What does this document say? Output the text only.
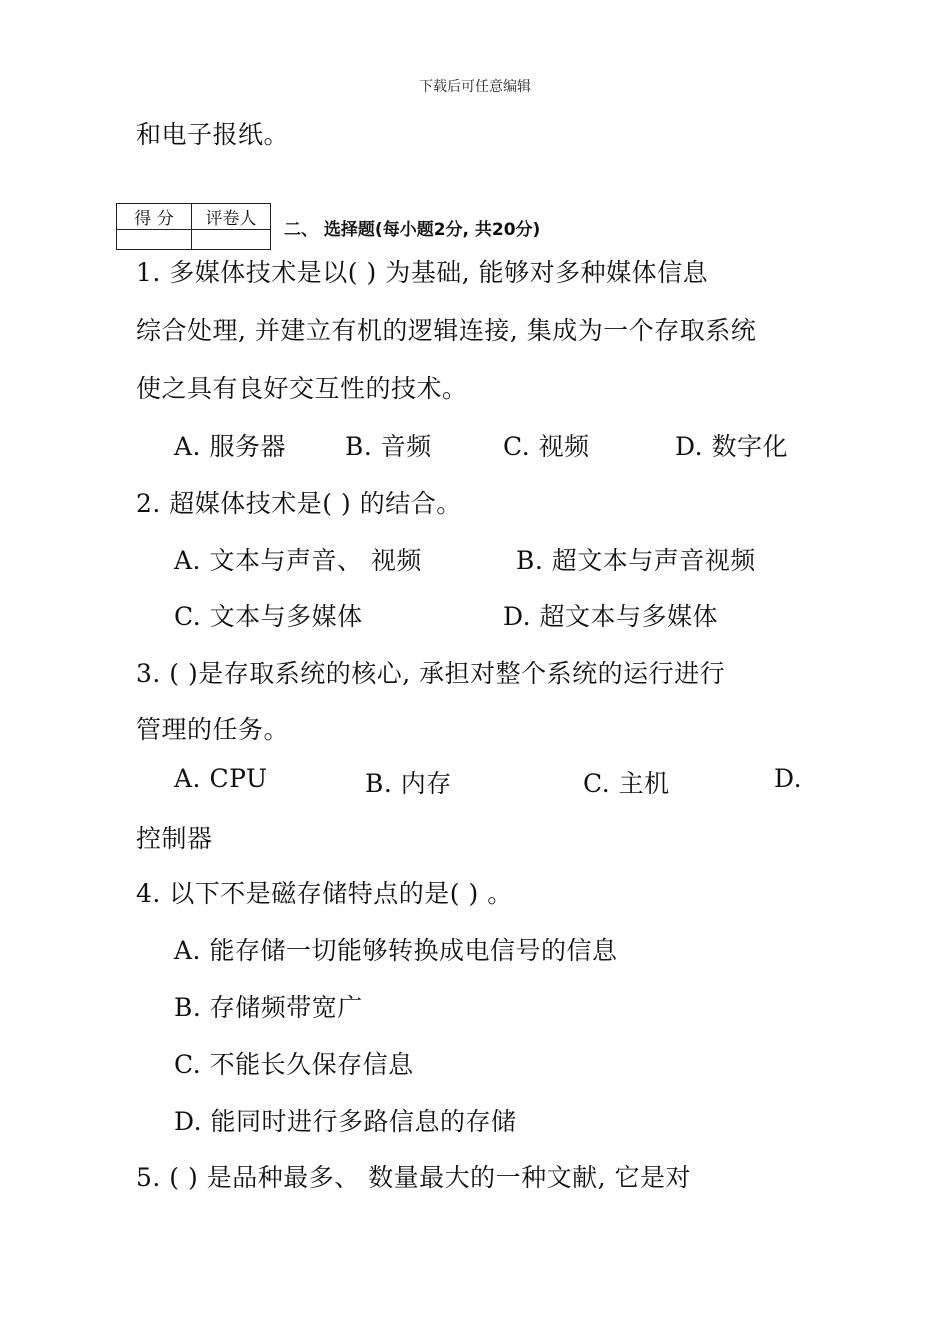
下载后可任意编辑
和电子报纸。
得 分	评卷人

二、 选择题(每小题2分, 共20分)
1. 多媒体技术是以( ) 为基础, 能够对多种媒体信息
综合处理, 并建立有机的逻辑连接, 集成为一个存取系统
使之具有良好交互性的技术。
A. 服务器 B. 音频	C. 视频	D. 数字化
2. 超媒体技术是( ) 的结合。
A. 文本与声音、 视频	B. 超文本与声音视频
C. 文本与多媒体	D. 超文本与多媒体
3. ( )是存取系统的核心, 承担对整个系统的运行进行
管理的任务。
A. CPU	B. 内存	C. 主机	D.
控制器
4. 以下不是磁存储特点的是( ) 。
A. 能存储一切能够转换成电信号的信息
B. 存储频带宽广
C. 不能长久保存信息
D. 能同时进行多路信息的存储
5. ( ) 是品种最多、 数量最大的一种文献, 它是对
